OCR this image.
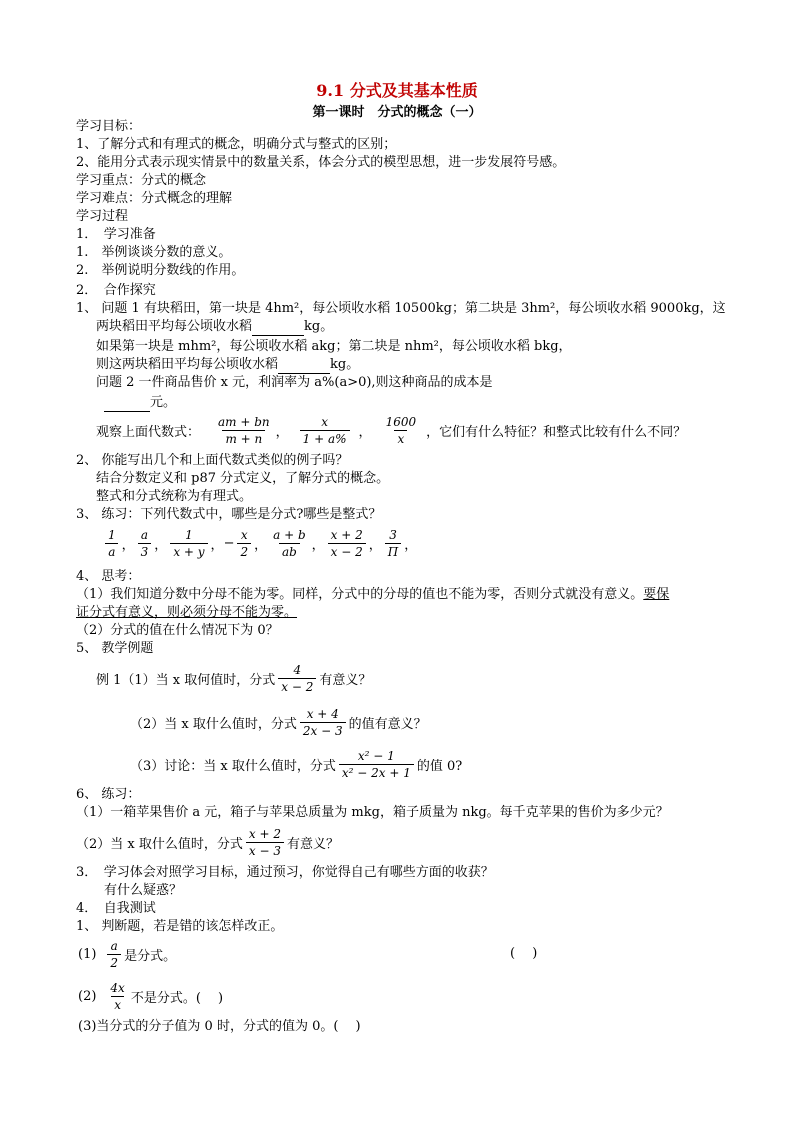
9.1 分式及其基本性质
第一课时　分式的概念（一）
学习目标：
1、了解分式和有理式的概念，明确分式与整式的区别；
2、能用分式表示现实情景中的数量关系，体会分式的模型思想，进一步发展符号感。
学习重点：分式的概念
学习难点：分式概念的理解
学习过程
1．　学习准备
1.　举例谈谈分数的意义。
2.　举例说明分数线的作用。
2．　合作探究
1、 问题 1 有块稻田，第一块是 4hm²，每公顷收水稻 10500kg；第二块是 3hm²，每公顷收水稻 9000kg，这
两块稻田平均每公顷收水稻	kg。
如果第一块是 mhm²，每公顷收水稻 akg；第二块是 nhm²，每公顷收水稻 bkg，
则这两块稻田平均每公顷收水稻	kg。
问题 2 一件商品售价 x 元，利润率为 a%(a>0),则这种商品的成本是
元。
观察上面代数式： $\frac{am + bn}{m + n}$ ， $\frac{x}{1 + a\%}$ ， $\frac{1600}{x}$ ，它们有什么特征？和整式比较有什么不同？
2、 你能写出几个和上面代数式类似的例子吗？
结合分数定义和 p87 分式定义，了解分式的概念。
整式和分式统称为有理式。
3、 练习：下列代数式中，哪些是分式?哪些是整式？
$\frac{1}{a}$ ， $\frac{a}{3}$ ， $\frac{1}{x + y}$ ， − $\frac{x}{2}$ ， $\frac{a + b}{ab}$ ， $\frac{x + 2}{x - 2}$ ， $\frac{3}{\Pi}$ ，
4、 思考：
（1）我们知道分数中分母不能为零。同样，分式中的分母的值也不能为零，否则分式就没有意义。要保
证分式有意义，则必须分母不能为零。
（2）分式的值在什么情况下为 0？
5、 教学例题
例 1（1）当 x 取何值时，分式 $\frac{4}{x - 2}$ 有意义？
（2）当 x 取什么值时，分式 $\frac{x + 4}{2x - 3}$ 的值有意义？
（3）讨论：当 x 取什么值时，分式 $\frac{\text{x² − 1}}{\text{x² − 2x + 1}}$ 的值 0?
6、 练习：
（1）一箱苹果售价 a 元，箱子与苹果总质量为 mkg，箱子质量为 nkg。每千克苹果的售价为多少元？
（2）当 x 取什么值时，分式 $\frac{x + 2}{x - 3}$ 有意义？
3．　学习体会对照学习目标，通过预习，你觉得自己有哪些方面的收获？
有什么疑惑？
4．　自我测试
1、 判断题，若是错的该怎样改正。
$(1) \frac{a}{2}$ 是分式。	(　 )
$(2) \frac{4x}{x}$ 不是分式。(　 )
(3)当分式的分子值为 0 时，分式的值为 0。(　 )
